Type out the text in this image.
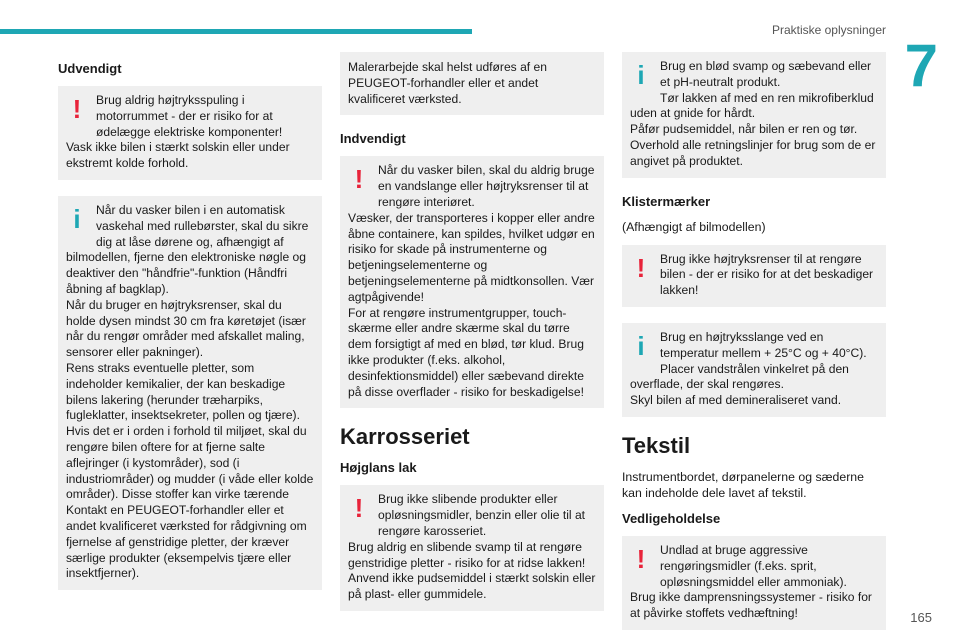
Praktiske oplysninger
7
Udvendigt
!	Brug aldrig højtryksspuling i motorrummet - der er risiko for at ødelægge elektriske komponenter!
Vask ikke bilen i stærkt solskin eller under ekstremt kolde forhold.
i	Når du vasker bilen i en automatisk vaskehal med rullebørster, skal du sikre dig at låse dørene og, afhængigt af bilmodellen, fjerne den elektroniske nøgle og deaktiver den "håndfrie"-funktion (Håndfri åbning af bagklap).
Når du bruger en højtryksrenser, skal du holde dysen mindst 30 cm fra køretøjet (især når du rengør områder med afskallet maling, sensorer eller pakninger).
Rens straks eventuelle pletter, som indeholder kemikalier, der kan beskadige bilens lakering (herunder træharpiks, fugleklatter, insektsekreter, pollen og tjære).
Hvis det er i orden i forhold til miljøet, skal du rengøre bilen oftere for at fjerne salte aflejringer (i kystområder), sod (i industriområder) og mudder (i våde eller kolde områder). Disse stoffer kan virke tærende
Kontakt en PEUGEOT-forhandler eller et andet kvalificeret værksted for rådgivning om fjernelse af genstridige pletter, der kræver særlige produkter (eksempelvis tjære eller insektfjerner).
Malerarbejde skal helst udføres af en PEUGEOT-forhandler eller et andet kvalificeret værksted.
Indvendigt
!	Når du vasker bilen, skal du aldrig bruge en vandslange eller højtryksrenser til at rengøre interiøret.
Væsker, der transporteres i kopper eller andre åbne containere, kan spildes, hvilket udgør en risiko for skade på instrumenterne og betjeningselementerne og betjeningselementerne på midtkonsollen. Vær agtpågivende!
For at rengøre instrumentgrupper, touch-skærme eller andre skærme skal du tørre dem forsigtigt af med en blød, tør klud. Brug ikke produkter (f.eks. alkohol, desinfektionsmiddel) eller sæbevand direkte på disse overflader - risiko for beskadigelse!
Karrosseriet
Højglans lak
!	Brug ikke slibende produkter eller opløsningsmidler, benzin eller olie til at rengøre karosseriet.
Brug aldrig en slibende svamp til at rengøre genstridige pletter - risiko for at ridse lakken!
Anvend ikke pudsemiddel i stærkt solskin eller på plast- eller gummidele.
i	Brug en blød svamp og sæbevand eller et pH-neutralt produkt.
Tør lakken af med en ren mikrofiberklud uden at gnide for hårdt.
Påfør pudsemiddel, når bilen er ren og tør.
Overhold alle retningslinjer for brug som de er angivet på produktet.
Klistermærker
(Afhængigt af bilmodellen)
!	Brug ikke højtryksrenser til at rengøre bilen - der er risiko for at det beskadiger lakken!
i	Brug en højtryksslange ved en temperatur mellem + 25°C og + 40°C).
Placer vandstrålen vinkelret på den overflade, der skal rengøres.
Skyl bilen af med demineraliseret vand.
Tekstil
Instrumentbordet, dørpanelerne og sæderne kan indeholde dele lavet af tekstil.
Vedligeholdelse
!	Undlad at bruge aggressive rengøringsmidler (f.eks. sprit, opløsningsmiddel eller ammoniak).
Brug ikke damprensningssystemer - risiko for at påvirke stoffets vedhæftning!	165
